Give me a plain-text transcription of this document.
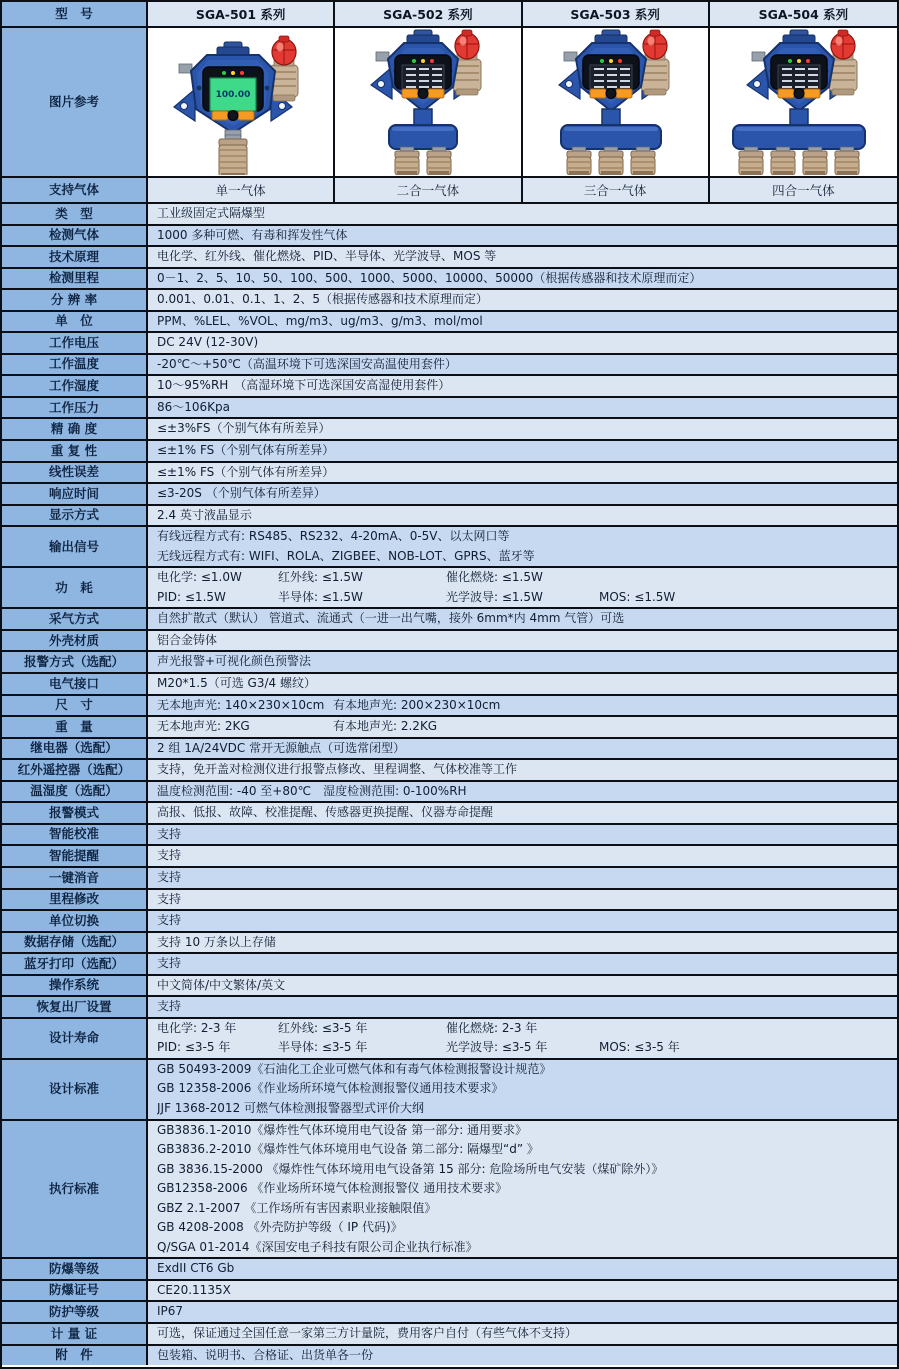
型　号	SGA-501 系列	SGA-502 系列	SGA-503 系列	SGA-504 系列
图片参考	100.00
支持气体	单一气体	二合一气体	三合一气体	四合一气体
类　型	工业级固定式隔爆型
检测气体	1000 多种可燃、有毒和挥发性气体
技术原理	电化学、红外线、催化燃烧、PID、半导体、光学波导、MOS 等
检测里程	0－1、2、5、10、50、100、500、1000、5000、10000、50000（根据传感器和技术原理而定）
分 辨 率	0.001、0.01、0.1、1、2、5（根据传感器和技术原理而定）
单　位	PPM、%LEL、%VOL、mg/m3、ug/m3、g/m3、mol/mol
工作电压	DC 24V (12-30V)
工作温度	-20℃～+50℃（高温环境下可选深国安高温使用套件）
工作湿度	10～95%RH　（高湿环境下可选深国安高湿使用套件）
工作压力	86～106Kpa
精 确 度	≤±3%FS（个别气体有所差异）
重 复 性	≤±1% FS（个别气体有所差异）
线性误差	≤±1% FS（个别气体有所差异）
响应时间	≤3-20S （个别气体有所差异）
显示方式	2.4 英寸液晶显示
输出信号
有线远程方式有: RS485、RS232、4-20mA、0-5V、以太网口等
无线远程方式有: WIFI、ROLA、ZIGBEE、NOB-LOT、GPRS、蓝牙等
功　耗
电化学: ≤1.0W	红外线: ≤1.5W	催化燃烧: ≤1.5W
PID: ≤1.5W	半导体: ≤1.5W	光学波导: ≤1.5W	MOS: ≤1.5W
采气方式	自然扩散式（默认） 管道式、流通式（一进一出气嘴，接外 6mm*内 4mm 气管）可选
外壳材质	铝合金铸体
报警方式（选配）	声光报警+可视化颜色预警法
电气接口	M20*1.5（可选 G3/4 螺纹）
尺　寸	无本地声光: 140×230×10cm 有本地声光: 200×230×10cm
重　量	无本地声光: 2KG	有本地声光: 2.2KG
继电器（选配）	2 组 1A/24VDC 常开无源触点（可选常闭型）
红外遥控器（选配）	支持，免开盖对检测仪进行报警点修改、里程调整、气体校准等工作
温湿度（选配）	温度检测范围: -40 至+80℃　湿度检测范围: 0-100%RH
报警模式	高报、低报、故障、校准提醒、传感器更换提醒、仪器寿命提醒
智能校准	支持
智能提醒	支持
一键消音	支持
里程修改	支持
单位切换	支持
数据存储（选配）	支持 10 万条以上存储
蓝牙打印（选配）	支持
操作系统	中文简体/中文繁体/英文
恢复出厂设置	支持
设计寿命
电化学: 2-3 年	红外线: ≤3-5 年	催化燃烧: 2-3 年
PID: ≤3-5 年	半导体: ≤3-5 年	光学波导: ≤3-5 年	MOS: ≤3-5 年
设计标准
GB 50493-2009《石油化工企业可燃气体和有毒气体检测报警设计规范》
GB 12358-2006《作业场所环境气体检测报警仪通用技术要求》
JJF 1368-2012 可燃气体检测报警器型式评价大纲
执行标准
GB3836.1-2010《爆炸性气体环境用电气设备 第一部分: 通用要求》
GB3836.2-2010《爆炸性气体环境用电气设备 第二部分: 隔爆型“d” 》
GB 3836.15-2000 《爆炸性气体环境用电气设备第 15 部分: 危险场所电气安装（煤矿除外）》
GB12358-2006 《作业场所环境气体检测报警仪 通用技术要求》
GBZ 2.1-2007 《工作场所有害因素职业接触限值》
GB 4208-2008 《外壳防护等级（ IP 代码)》
Q/SGA 01-2014《深国安电子科技有限公司企业执行标准》
防爆等级	ExdII CT6 Gb
防爆证号	CE20.1135X
防护等级	IP67
计 量 证	可选，保证通过全国任意一家第三方计量院，费用客户自付（有些气体不支持）
附　件	包装箱、说明书、合格证、出货单各一份
